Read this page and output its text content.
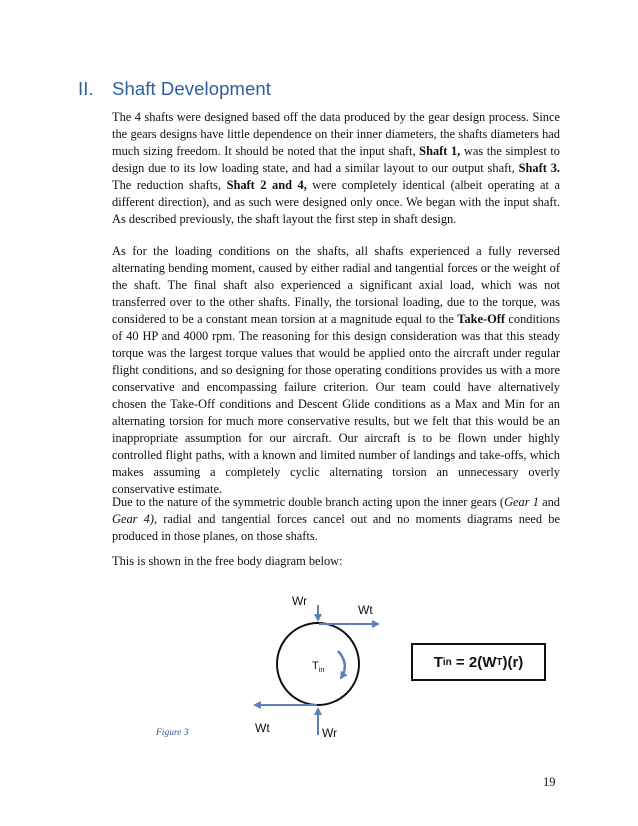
II. Shaft Development

The 4 shafts were designed based off the data produced by the gear design process. Since the gears designs have little dependence on their inner diameters, the shafts diameters had much sizing freedom. It should be noted that the input shaft, Shaft 1, was the simplest to design due to its low loading state, and had a similar layout to our output shaft, Shaft 3. The reduction shafts, Shaft 2 and 4, were completely identical (albeit operating at a different direction), and as such were designed only once. We began with the input shaft. As described previously, the shaft layout the first step in shaft design.

As for the loading conditions on the shafts, all shafts experienced a fully reversed alternating bending moment, caused by either radial and tangential forces or the weight of the shaft. The final shaft also experienced a significant axial load, which was not transferred over to the other shafts. Finally, the torsional loading, due to the torque, was considered to be a constant mean torsion at a magnitude equal to the Take-Off conditions of 40 HP and 4000 rpm. The reasoning for this design consideration was that this steady torque was the largest torque values that would be applied onto the aircraft under regular flight conditions, and so designing for those operating conditions provides us with a more conservative and encompassing failure criterion. Our team could have alternatively chosen the Take-Off conditions and Descent Glide conditions as a Max and Min for an alternating torsion for much more conservative results, but we felt that this would be an inappropriate assumption for our aircraft. Our aircraft is to be flown under highly controlled flight paths, with a known and limited number of landings and take-offs, which makes assuming a completely cyclic alternating torsion an unnecessary overly conservative estimate.

Due to the nature of the symmetric double branch acting upon the inner gears (Gear 1 and Gear 4), radial and tangential forces cancel out and no moments diagrams need be produced in those planes, on those shafts.

This is shown in the free body diagram below:

Wr
Wt
$T_{in}$
Wt	Wr
T in = 2(W T )(r)
Figure 3
19
